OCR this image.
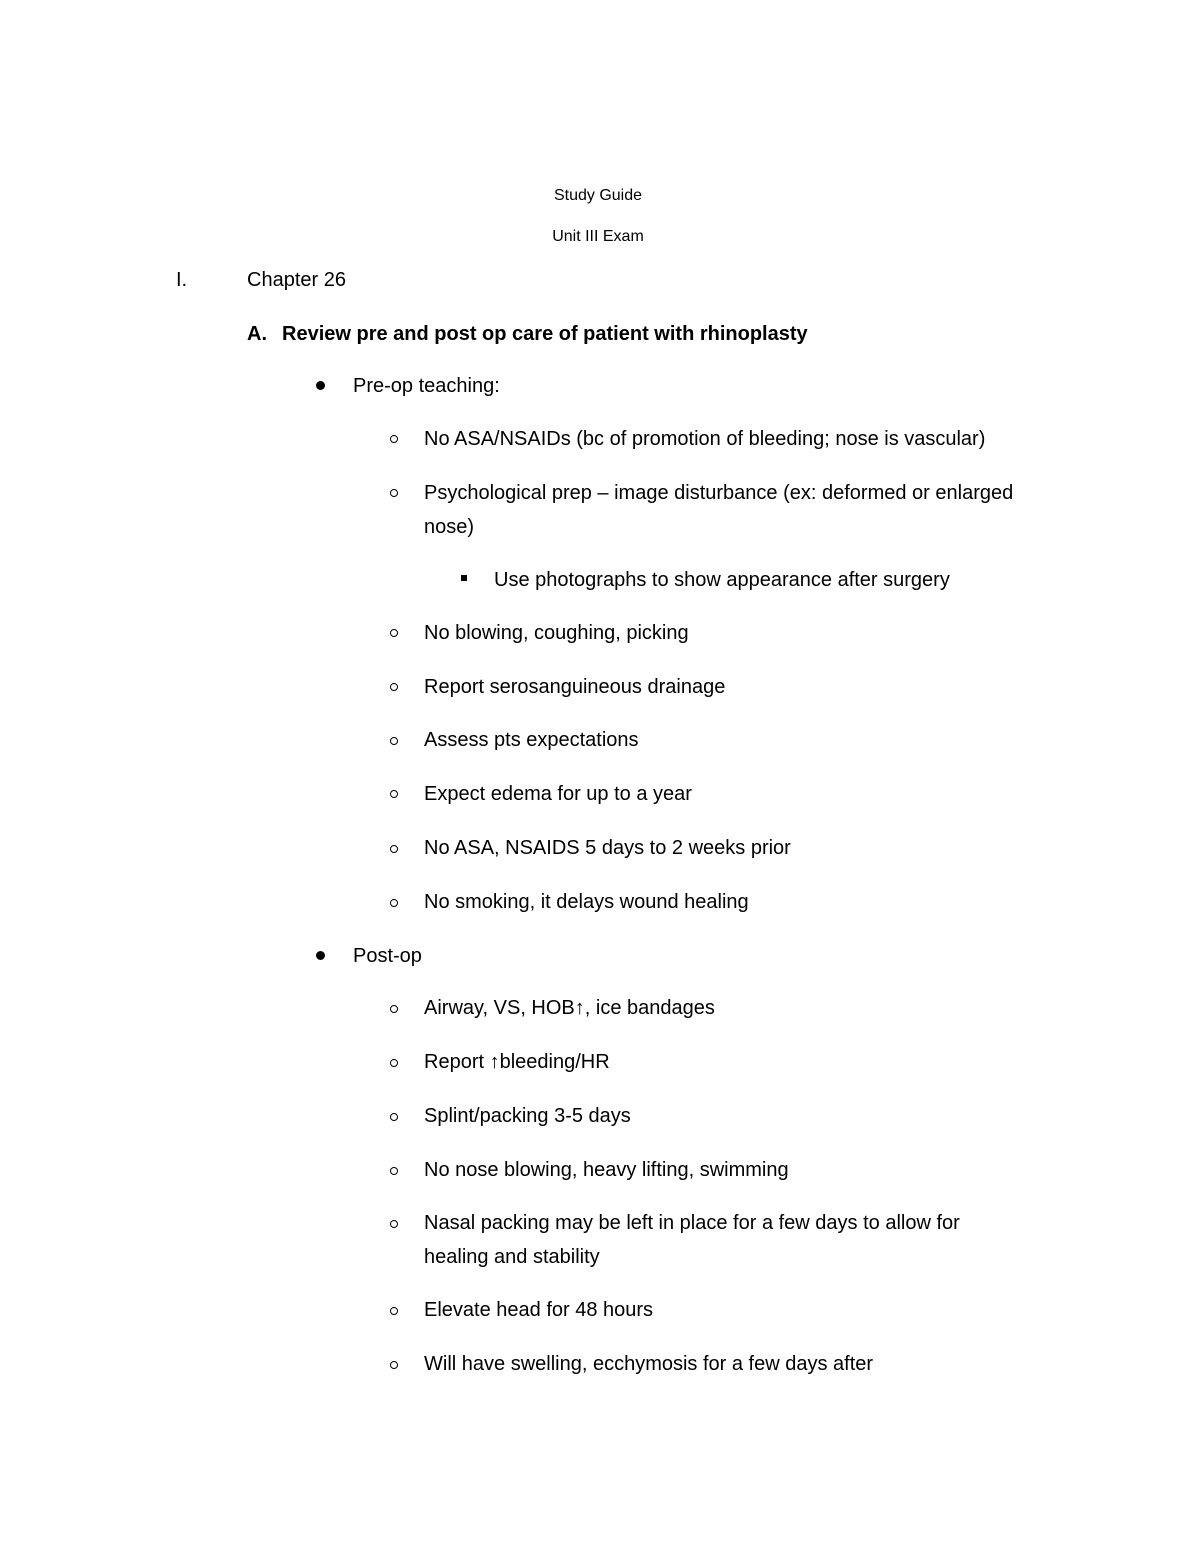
Study Guide
Unit III Exam
I.	Chapter 26
A. Review pre and post op care of patient with rhinoplasty
Pre-op teaching:
No ASA/NSAIDs (bc of promotion of bleeding; nose is vascular)
Psychological prep – image disturbance (ex: deformed or enlarged
nose)
Use photographs to show appearance after surgery
No blowing, coughing, picking
Report serosanguineous drainage
Assess pts expectations
Expect edema for up to a year
No ASA, NSAIDS 5 days to 2 weeks prior
No smoking, it delays wound healing
Post-op
Airway, VS, HOB↑, ice bandages
Report ↑bleeding/HR
Splint/packing 3-5 days
No nose blowing, heavy lifting, swimming
Nasal packing may be left in place for a few days to allow for
healing and stability
Elevate head for 48 hours
Will have swelling, ecchymosis for a few days after
